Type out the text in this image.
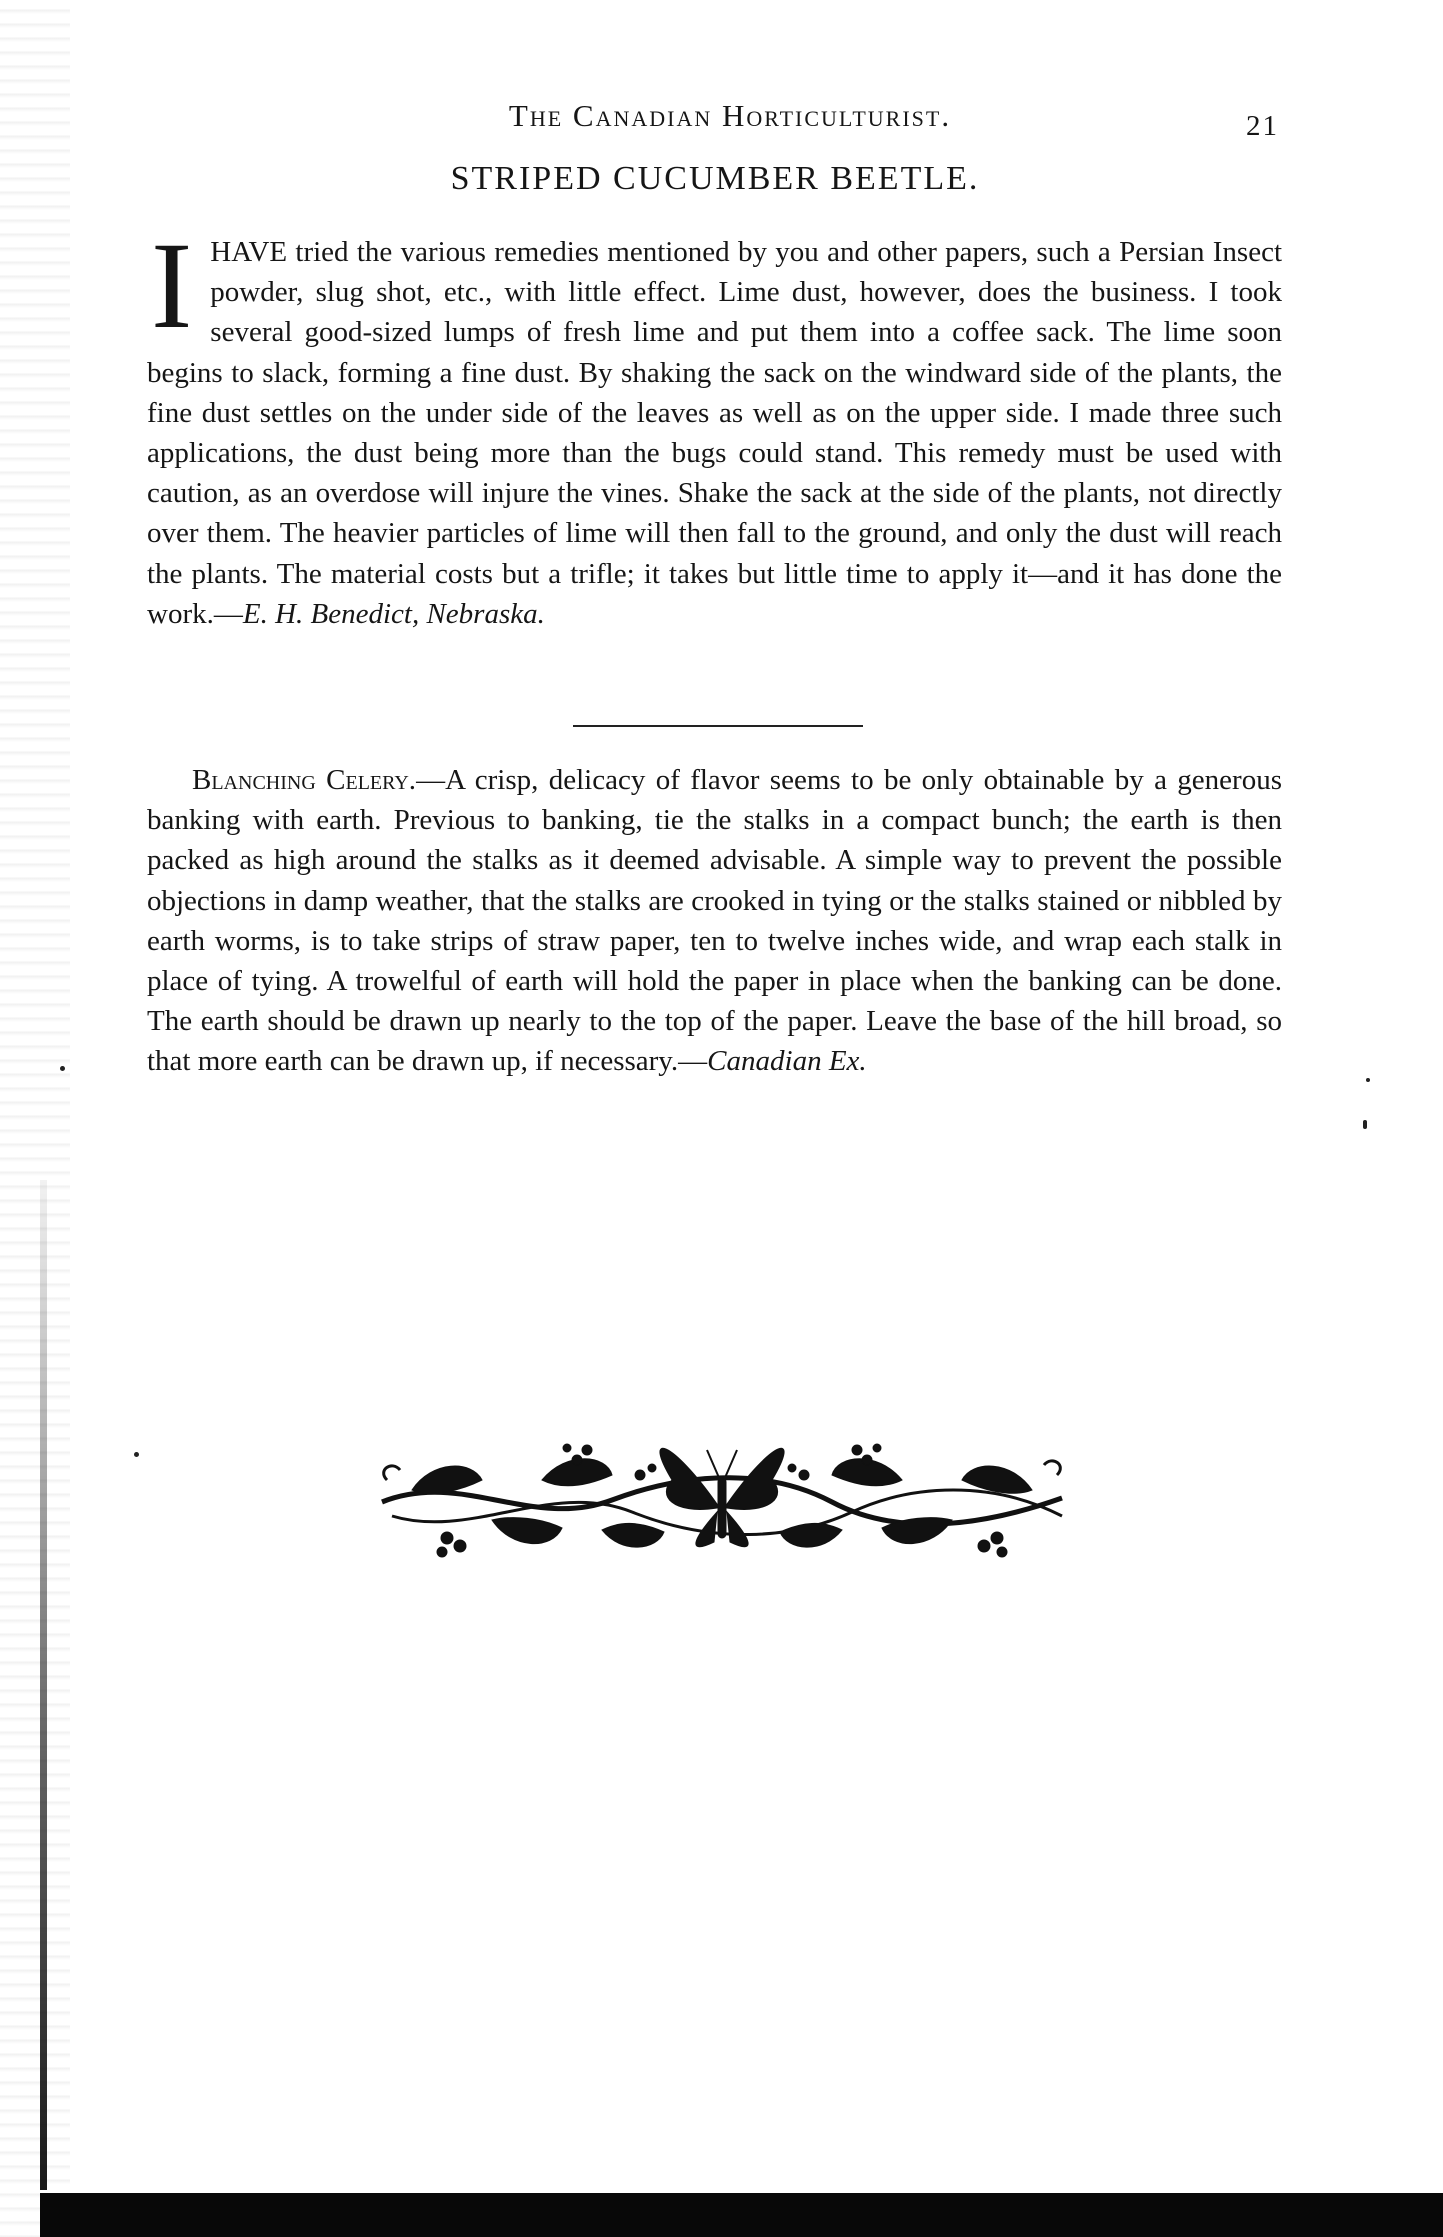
The Canadian Horticulturist.	21
STRIPED CUCUMBER BEETLE.

IHAVE tried the various remedies mentioned by you and other papers, such a Persian Insect powder, slug shot, etc., with little effect. Lime dust, however, does the business. I took several good-sized lumps of fresh lime and put them into a coffee sack. The lime soon begins to slack, forming a fine dust. By shaking the sack on the windward side of the plants, the fine dust settles on the under side of the leaves as well as on the upper side. I made three such applications, the dust being more than the bugs could stand. This remedy must be used with caution, as an overdose will injure the vines. Shake the sack at the side of the plants, not directly over them. The heavier particles of lime will then fall to the ground, and only the dust will reach the plants. The material costs but a trifle; it takes but little time to apply it—and it has done the work.—E. H. Benedict, Nebraska.

Blanching Celery.—A crisp, delicacy of flavor seems to be only obtainable by a generous banking with earth. Previous to banking, tie the stalks in a compact bunch; the earth is then packed as high around the stalks as it deemed advisable. A simple way to prevent the possible objections in damp weather, that the stalks are crooked in tying or the stalks stained or nibbled by earth worms, is to take strips of straw paper, ten to twelve inches wide, and wrap each stalk in place of tying. A trowelful of earth will hold the paper in place when the banking can be done. The earth should be drawn up nearly to the top of the paper. Leave the base of the hill broad, so that more earth can be drawn up, if necessary.—Canadian Ex.
